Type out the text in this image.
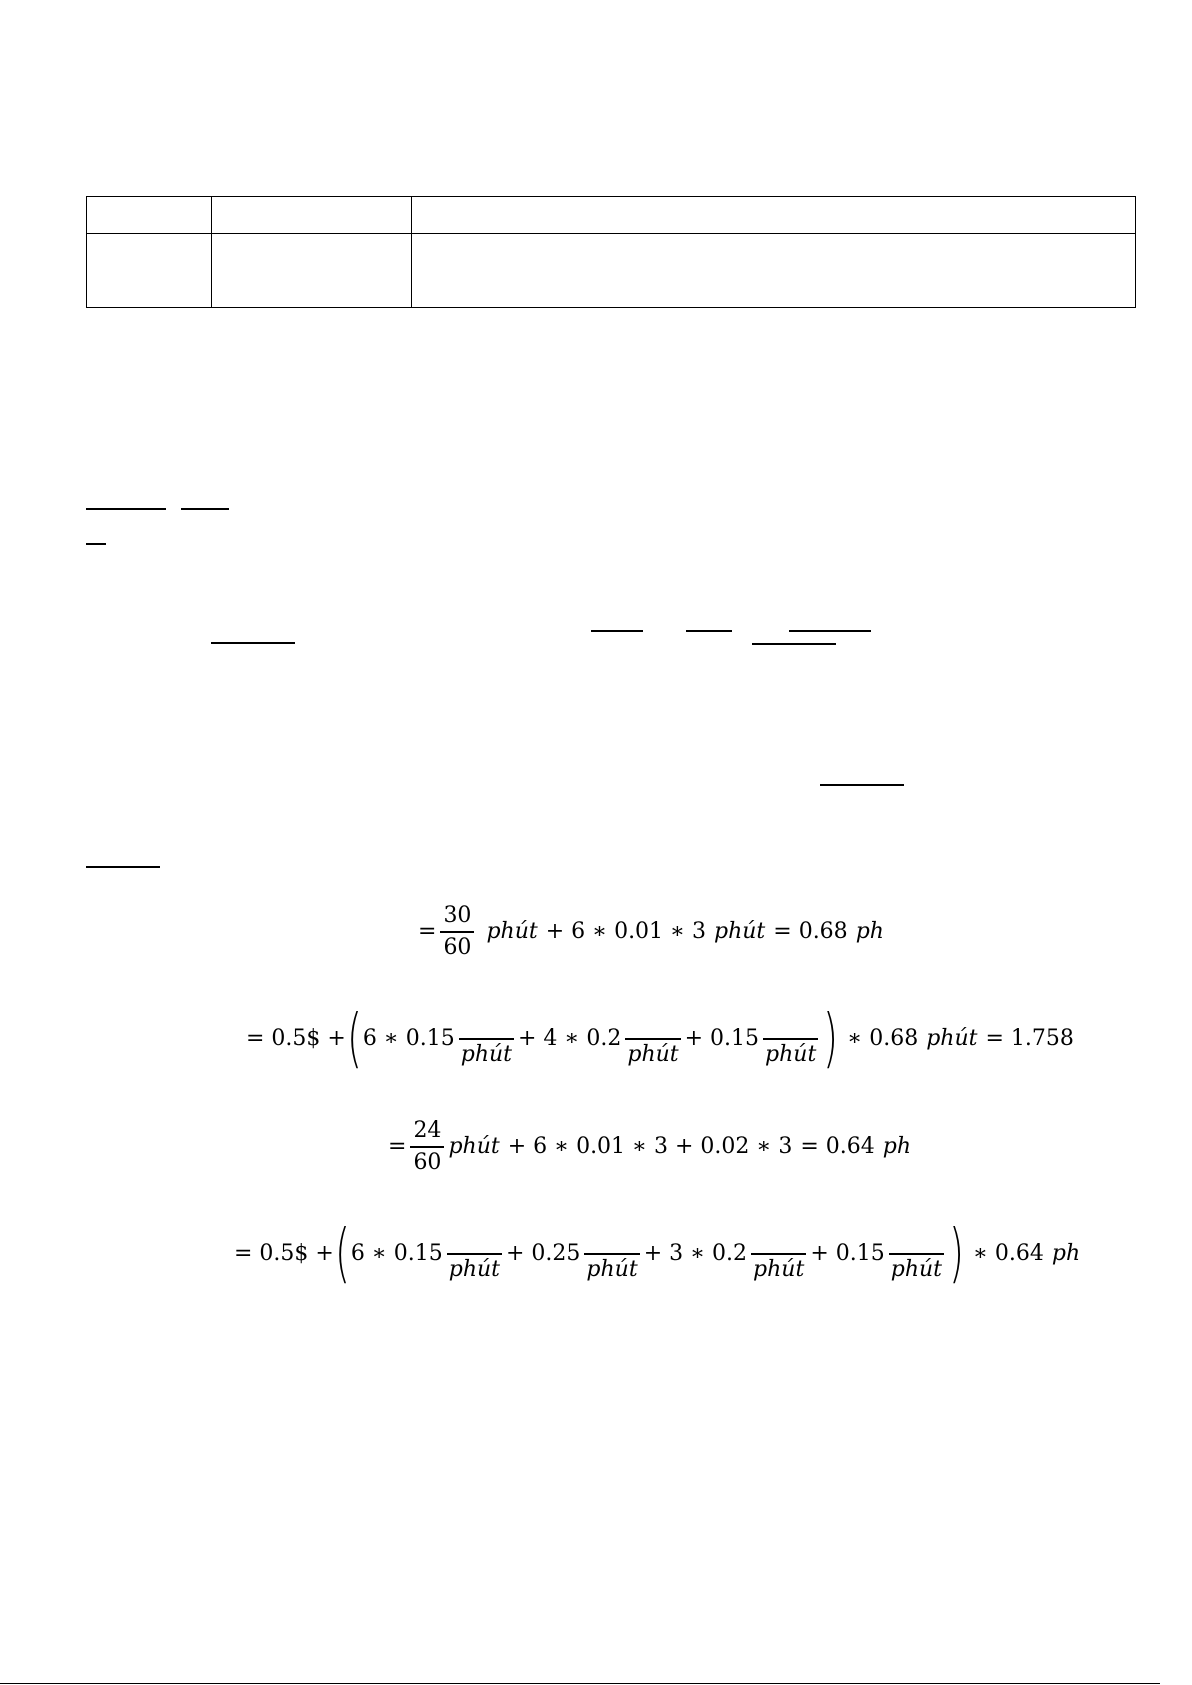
= $\frac{30}{60}$ phút + 6 ∗ 0.01 ∗ 3 phút = 0.68 ph
= 0.5$ + ( 6 ∗ 0.15
phút
+ 4 ∗ 0.2
phút
+ 0.15
phút ) ∗ 0.68 phút = 1.758
= $\frac{24}{60}$ phút + 6 ∗ 0.01 ∗ 3 + 0.02 ∗ 3 = 0.64 ph
= 0.5$ + ( 6 ∗ 0.15
phút
+ 0.25
phút
+ 3 ∗ 0.2
phút
+ 0.15
phút ) ∗ 0.64 ph
